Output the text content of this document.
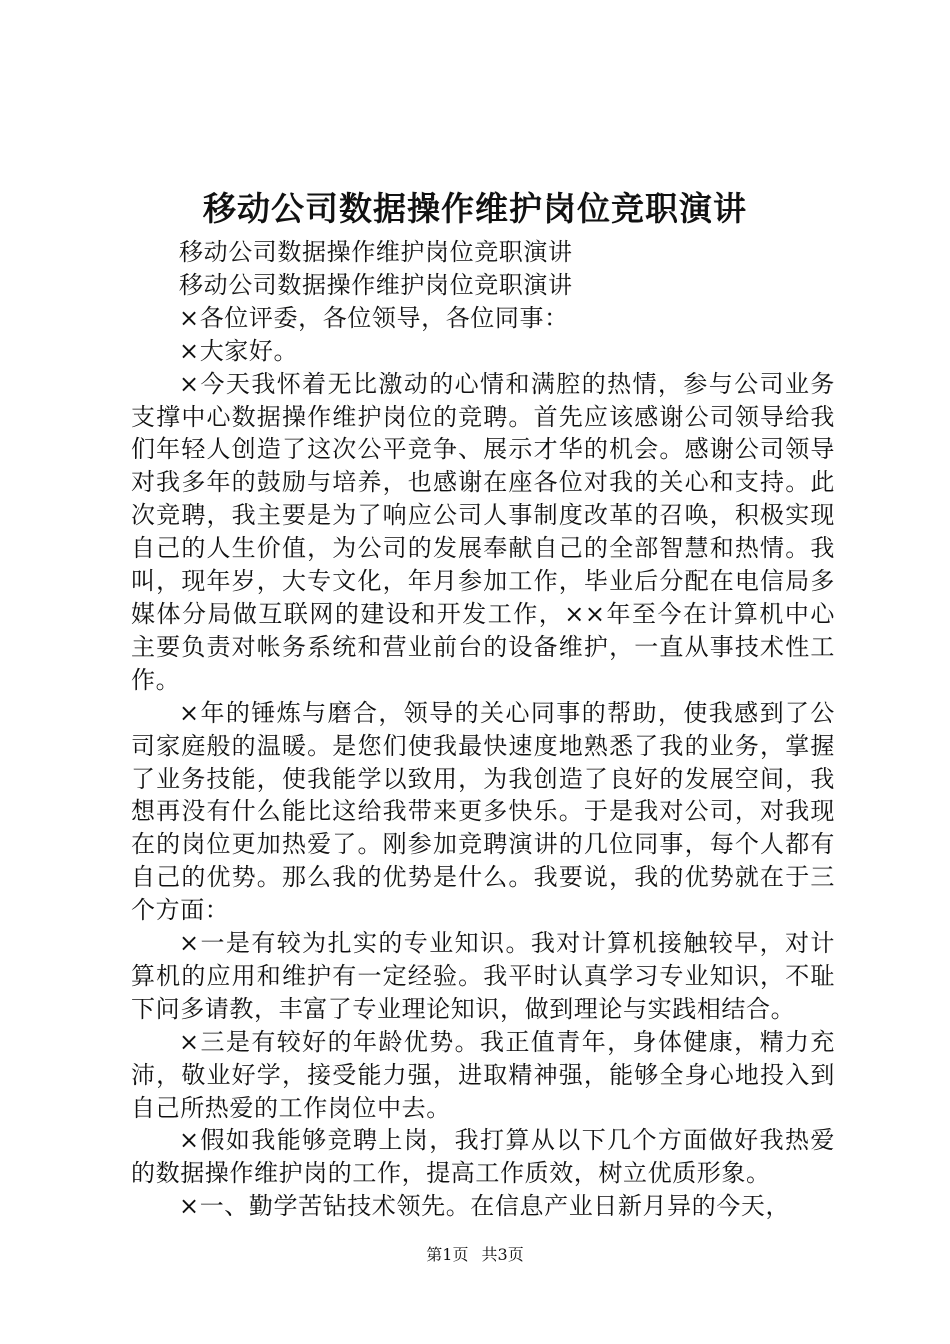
移动公司数据操作维护岗位竞职演讲

移动公司数据操作维护岗位竞职演讲

移动公司数据操作维护岗位竞职演讲

×各位评委，各位领导，各位同事：

×大家好。

×今天我怀着无比激动的心情和满腔的热情，参与公司业务支撑中心数据操作维护岗位的竞聘。首先应该感谢公司领导给我们年轻人创造了这次公平竞争、展示才华的机会。感谢公司领导对我多年的鼓励与培养，也感谢在座各位对我的关心和支持。此次竞聘，我主要是为了响应公司人事制度改革的召唤，积极实现自己的人生价值，为公司的发展奉献自己的全部智慧和热情。我叫，现年岁，大专文化，年月参加工作，毕业后分配在电信局多媒体分局做互联网的建设和开发工作，××年至今在计算机中心主要负责对帐务系统和营业前台的设备维护，一直从事技术性工作。

×年的锤炼与磨合，领导的关心同事的帮助，使我感到了公司家庭般的温暖。是您们使我最快速度地熟悉了我的业务，掌握了业务技能，使我能学以致用，为我创造了良好的发展空间，我想再没有什么能比这给我带来更多快乐。于是我对公司，对我现在的岗位更加热爱了。刚参加竞聘演讲的几位同事，每个人都有自己的优势。那么我的优势是什么。我要说，我的优势就在于三个方面：

×一是有较为扎实的专业知识。我对计算机接触较早，对计算机的应用和维护有一定经验。我平时认真学习专业知识，不耻下问多请教，丰富了专业理论知识，做到理论与实践相结合。

×三是有较好的年龄优势。我正值青年，身体健康，精力充沛，敬业好学，接受能力强，进取精神强，能够全身心地投入到自己所热爱的工作岗位中去。

×假如我能够竞聘上岗，我打算从以下几个方面做好我热爱的数据操作维护岗的工作，提高工作质效，树立优质形象。

×一、勤学苦钻技术领先。在信息产业日新月异的今天，

第1页 共3页
